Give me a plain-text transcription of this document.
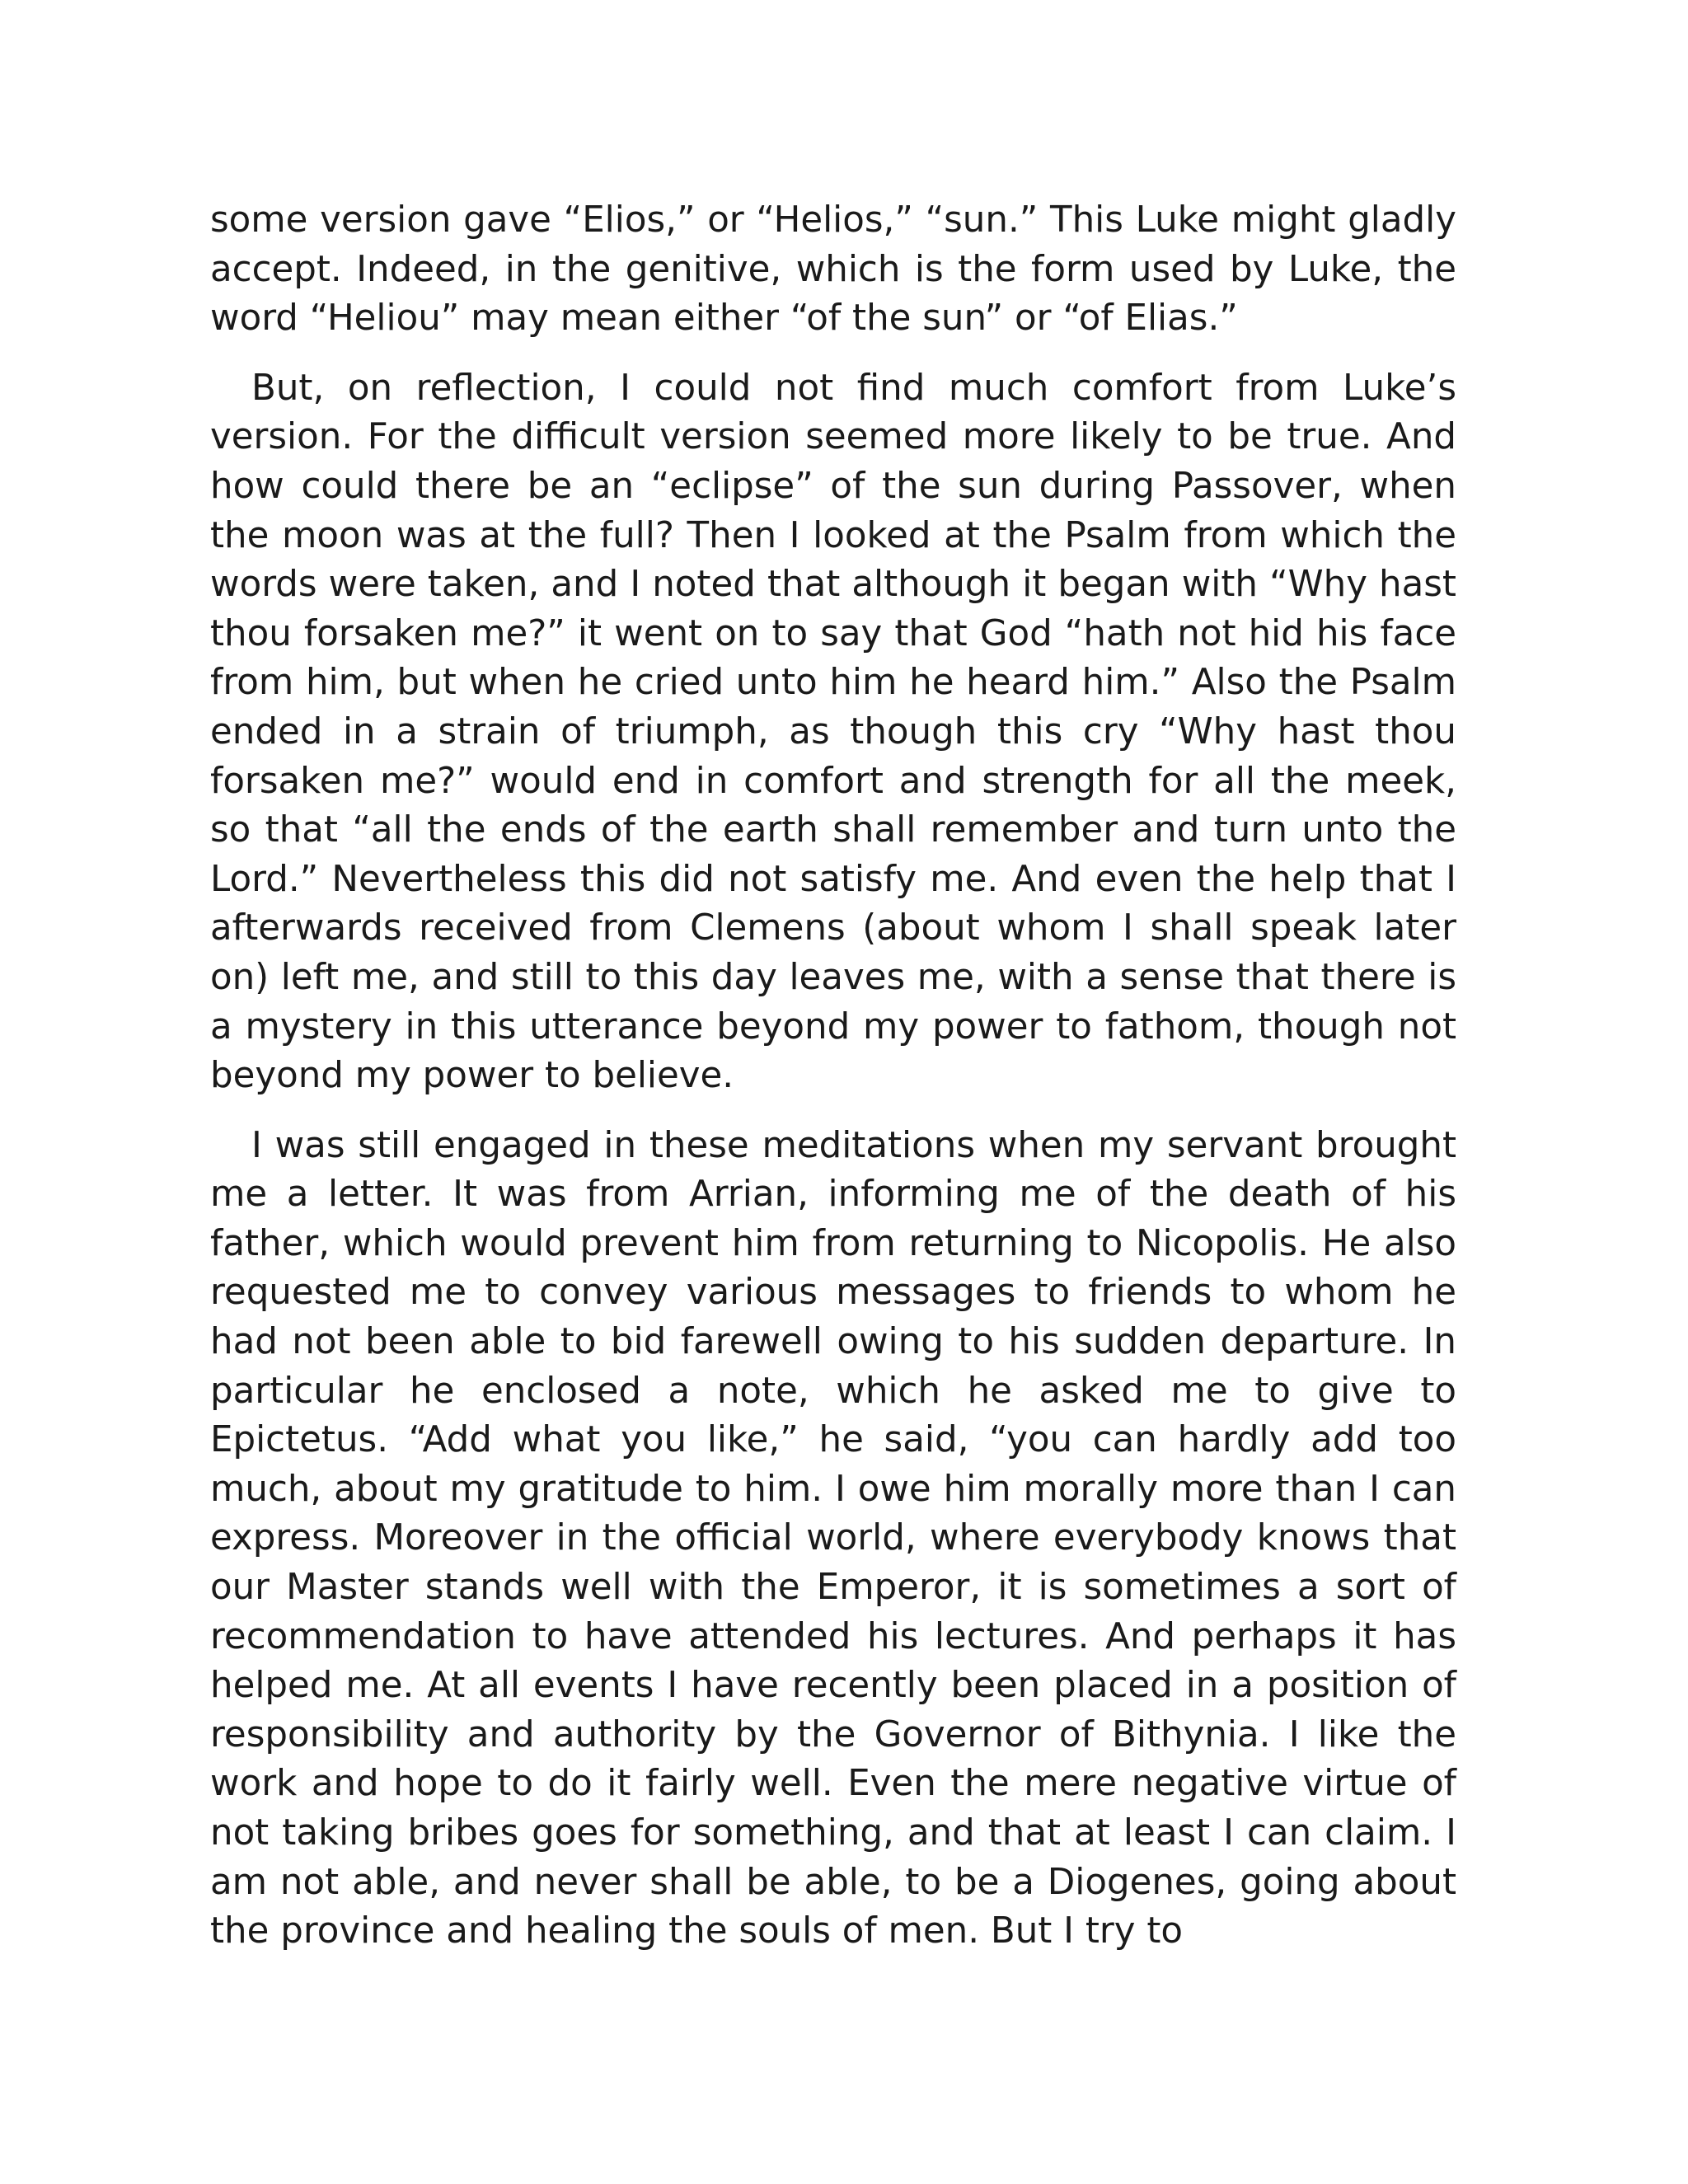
some version gave “Elios,” or “Helios,” “sun.” This Luke might gladly accept. Indeed, in the genitive, which is the form used by Luke, the word “Heliou” may mean either “of the sun” or “of Elias.”

But, on reflection, I could not find much comfort from Luke’s version. For the difficult version seemed more likely to be true. And how could there be an “eclipse” of the sun during Passover, when the moon was at the full? Then I looked at the Psalm from which the words were taken, and I noted that although it began with “Why hast thou forsaken me?” it went on to say that God “hath not hid his face from him, but when he cried unto him he heard him.” Also the Psalm ended in a strain of triumph, as though this cry “Why hast thou forsaken me?” would end in comfort and strength for all the meek, so that “all the ends of the earth shall remember and turn unto the Lord.” Nevertheless this did not satisfy me. And even the help that I afterwards received from Clemens (about whom I shall speak later on) left me, and still to this day leaves me, with a sense that there is a mystery in this utterance beyond my power to fathom, though not beyond my power to believe.

I was still engaged in these meditations when my servant brought me a letter. It was from Arrian, informing me of the death of his father, which would prevent him from returning to Nicopolis. He also requested me to convey various messages to friends to whom he had not been able to bid farewell owing to his sudden departure. In particular he enclosed a note, which he asked me to give to Epictetus. “Add what you like,” he said, “you can hardly add too much, about my gratitude to him. I owe him morally more than I can express. Moreover in the official world, where everybody knows that our Master stands well with the Emperor, it is sometimes a sort of recommendation to have attended his lectures. And perhaps it has helped me. At all events I have recently been placed in a position of responsibility and authority by the Governor of Bithynia. I like the work and hope to do it fairly well. Even the mere negative virtue of not taking bribes goes for something, and that at least I can claim. I am not able, and never shall be able, to be a Diogenes, going about the province and healing the souls of men. But I try to
